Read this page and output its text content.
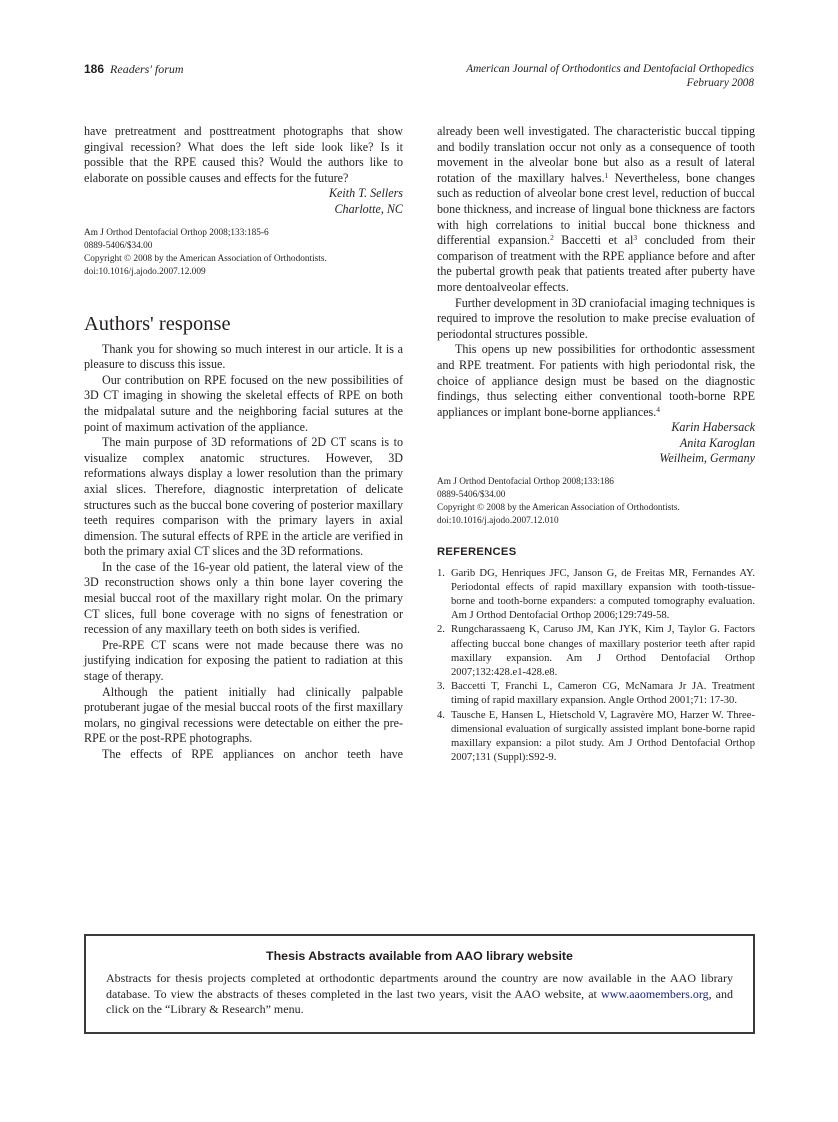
186 Readers' forum	American Journal of Orthodontics and Dentofacial Orthopedics
February 2008

have pretreatment and posttreatment photographs that show gingival recession? What does the left side look like? Is it possible that the RPE caused this? Would the authors like to elaborate on possible causes and effects for the future?

Keith T. Sellers
Charlotte, NC
Am J Orthod Dentofacial Orthop 2008;133:185-6
0889-5406/$34.00
Copyright © 2008 by the American Association of Orthodontists.
doi:10.1016/j.ajodo.2007.12.009
Authors' response

Thank you for showing so much interest in our article. It is a pleasure to discuss this issue.

Our contribution on RPE focused on the new possibilities of 3D CT imaging in showing the skeletal effects of RPE on both the midpalatal suture and the neighboring facial sutures at the point of maximum activation of the appliance.

The main purpose of 3D reformations of 2D CT scans is to visualize complex anatomic structures. However, 3D reformations always display a lower resolution than the primary axial slices. Therefore, diagnostic interpretation of delicate structures such as the buccal bone covering of posterior maxillary teeth requires comparison with the primary layers in axial dimension. The sutural effects of RPE in the article are verified in both the primary axial CT slices and the 3D reformations.

In the case of the 16-year old patient, the lateral view of the 3D reconstruction shows only a thin bone layer covering the mesial buccal root of the maxillary right molar. On the primary CT slices, full bone coverage with no signs of fenestration or recession of any maxillary teeth on both sides is verified.

Pre-RPE CT scans were not made because there was no justifying indication for exposing the patient to radiation at this stage of therapy.

Although the patient initially had clinically palpable protuberant jugae of the mesial buccal roots of the first maxillary molars, no gingival recessions were detectable on either the pre-RPE or the post-RPE photographs.

The effects of RPE appliances on anchor teeth have

already been well investigated. The characteristic buccal tipping and bodily translation occur not only as a consequence of tooth movement in the alveolar bone but also as a result of lateral rotation of the maxillary halves.$^1$ Nevertheless, bone changes such as reduction of alveolar bone crest level, reduction of buccal bone thickness, and increase of lingual bone thickness are factors with high correlations to initial buccal bone thickness and differential expansion.$^2$ Baccetti et $al^3$ concluded from their comparison of treatment with the RPE appliance before and after the pubertal growth peak that patients treated after puberty have more dentoalveolar effects.

Further development in 3D craniofacial imaging techniques is required to improve the resolution to make precise evaluation of periodontal structures possible.

This opens up new possibilities for orthodontic assessment and RPE treatment. For patients with high periodontal risk, the choice of appliance design must be based on the diagnostic findings, thus selecting either conventional tooth-borne RPE appliances or implant bone-borne appliances.$^4$

Karin Habersack
Anita Karoglan
Weilheim, Germany
Am J Orthod Dentofacial Orthop 2008;133:186
0889-5406/$34.00
Copyright © 2008 by the American Association of Orthodontists.
doi:10.1016/j.ajodo.2007.12.010
REFERENCES
1. Garib DG, Henriques JFC, Janson G, de Freitas MR, Fernandes AY. Periodontal effects of rapid maxillary expansion with tooth-tissue-borne and tooth-borne expanders: a computed tomography evaluation. Am J Orthod Dentofacial Orthop 2006;129:749-58.
2. Rungcharassaeng K, Caruso JM, Kan JYK, Kim J, Taylor G. Factors affecting buccal bone changes of maxillary posterior teeth after rapid maxillary expansion. Am J Orthod Dentofacial Orthop 2007;132:428.e1-428.e8.
3. Baccetti T, Franchi L, Cameron CG, McNamara Jr JA. Treatment timing of rapid maxillary expansion. Angle Orthod 2001;71: 17-30.
4. Tausche E, Hansen L, Hietschold V, Lagravère MO, Harzer W. Three-dimensional evaluation of surgically assisted implant bone-borne rapid maxillary expansion: a pilot study. Am J Orthod Dentofacial Orthop 2007;131 (Suppl):S92-9.
Thesis Abstracts available from AAO library website
Abstracts for thesis projects completed at orthodontic departments around the country are now available in the AAO library database. To view the abstracts of theses completed in the last two years, visit the AAO website, at www.aaomembers.org, and click on the “Library & Research” menu.
